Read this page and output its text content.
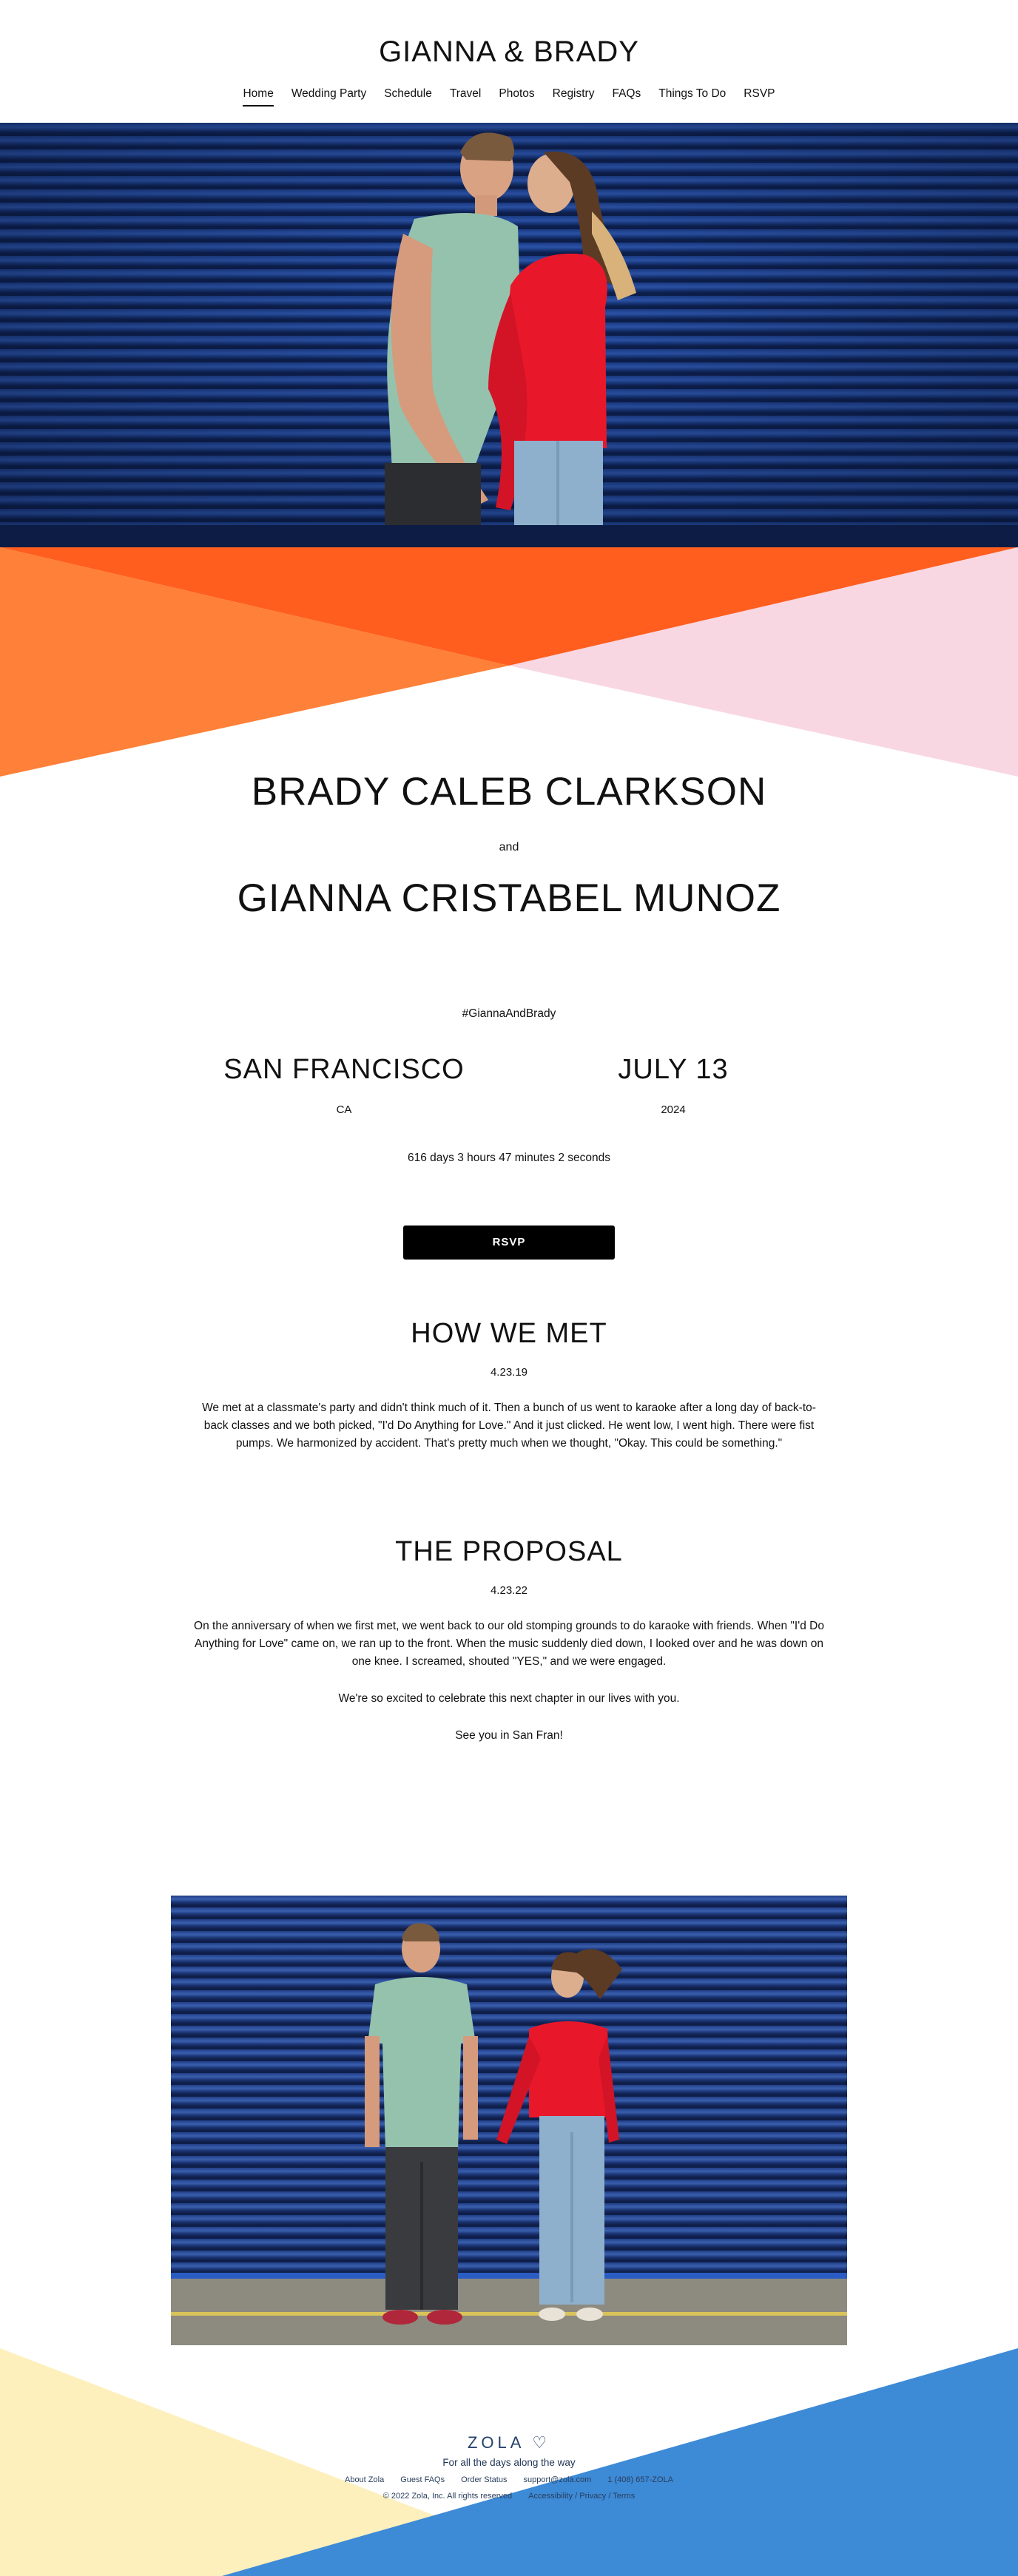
GIANNA & BRADY
Home Wedding Party Schedule Travel Photos Registry FAQs Things To Do RSVP
BRADY CALEB CLARKSON
and
GIANNA CRISTABEL MUNOZ
#GiannaAndBrady
SAN FRANCISCO
CA
JULY 13
2024
616 days 3 hours 47 minutes 2 seconds
RSVP
HOW WE MET
4.23.19

We met at a classmate's party and didn't think much of it. Then a bunch of us went to karaoke after a long day of back-to-back classes and we both picked, "I'd Do Anything for Love." And it just clicked. He went low, I went high. There were fist pumps. We harmonized by accident. That's pretty much when we thought, "Okay. This could be something."

THE PROPOSAL
4.23.22

On the anniversary of when we first met, we went back to our old stomping grounds to do karaoke with friends. When "I'd Do Anything for Love" came on, we ran up to the front. When the music suddenly died down, I looked over and he was down on one knee. I screamed, shouted "YES," and we were engaged.

We're so excited to celebrate this next chapter in our lives with you.

See you in San Fran!

ZOLA ♡
For all the days along the way
About Zola Guest FAQs Order Status support@zola.com 1 (408) 657-ZOLA
© 2022 Zola, Inc. All rights reserved Accessibility / Privacy / Terms
